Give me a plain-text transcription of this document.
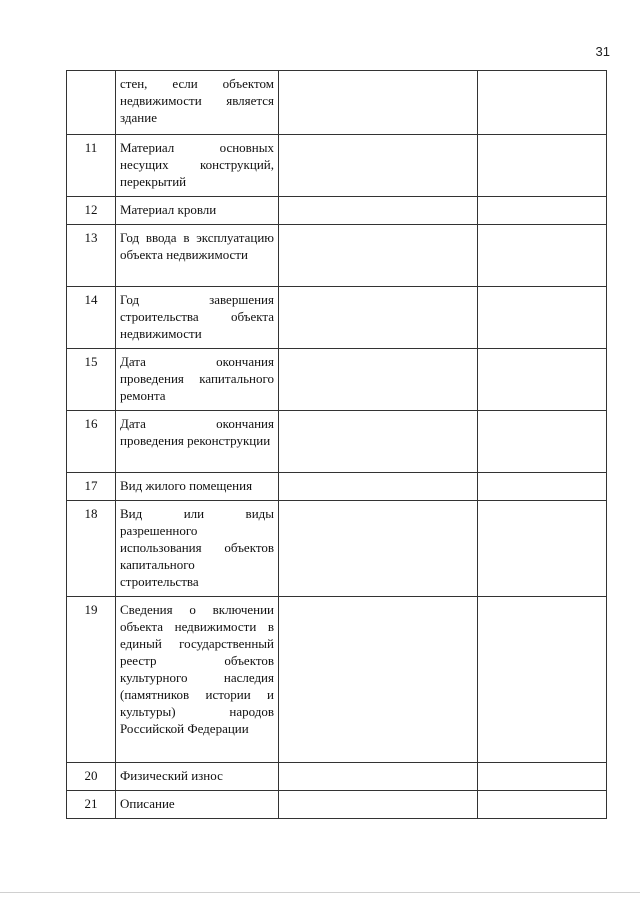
31
	стен, если объектом недвижимости является здание		
11	Материал основных несущих конструкций, перекрытий		
12	Материал кровли		
13	Год ввода в эксплуатацию объекта недвижимости		
14	Год завершения строительства объекта недвижимости		
15	Дата окончания проведения капитального ремонта		
16	Дата окончания проведения реконструкции		
17	Вид жилого помещения		
18	Вид или виды разрешенного использования объектов капитального строительства		
19	Сведения о включении объекта недвижимости в единый государственный реестр объектов культурного наследия (памятников истории и культуры) народов Российской Федерации		
20	Физический износ		
21	Описание		
